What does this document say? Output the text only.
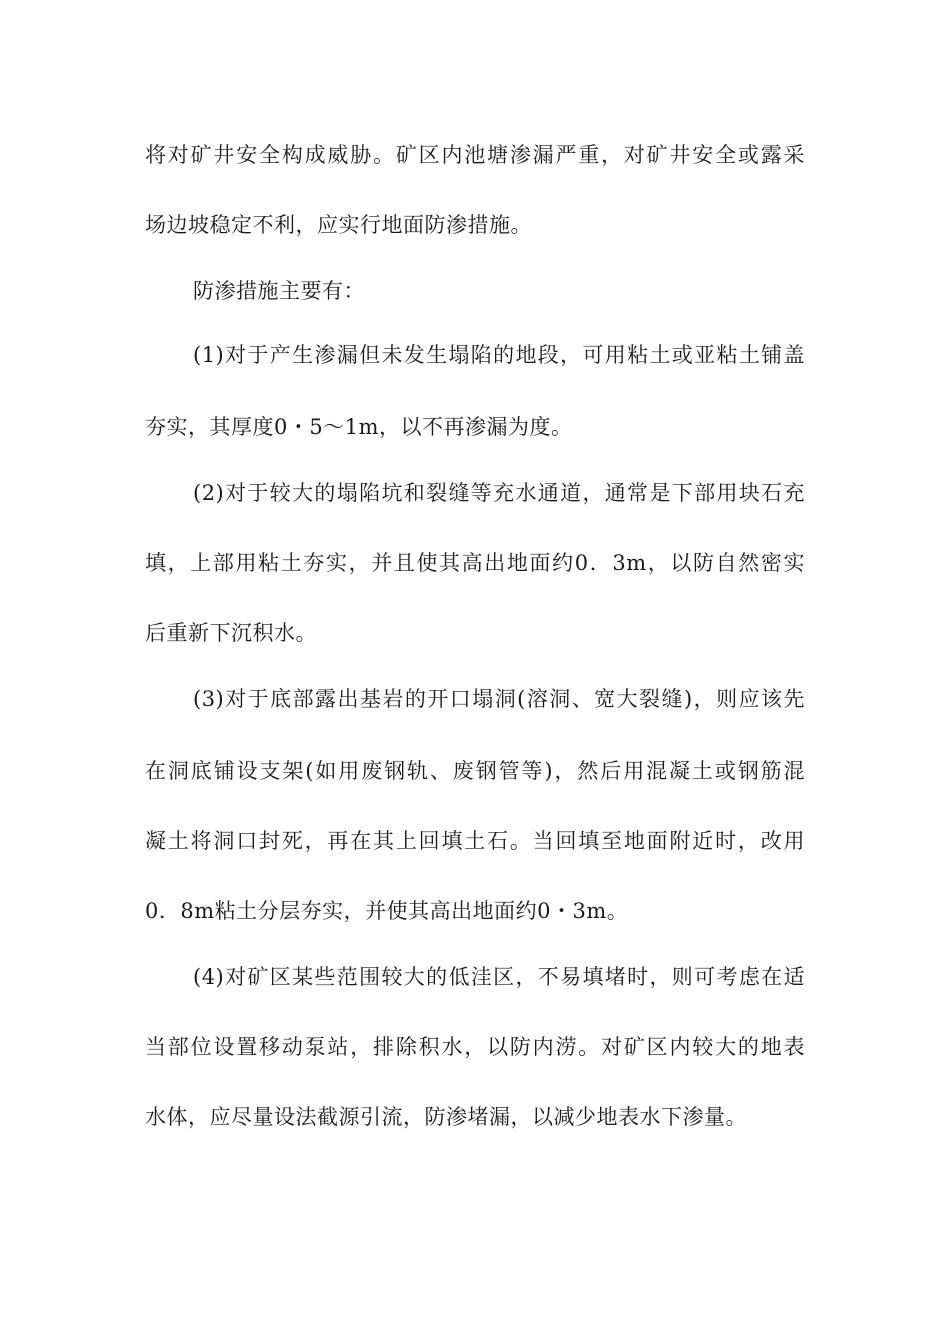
将对矿井安全构成威胁。矿区内池塘渗漏严重，对矿井安全或露采
场边坡稳定不利，应实行地面防渗措施。
防渗措施主要有：
(1)对于产生渗漏但未发生塌陷的地段，可用粘土或亚粘土铺盖
夯实，其厚度0・5～1m，以不再渗漏为度。
(2)对于较大的塌陷坑和裂缝等充水通道，通常是下部用块石充
填，上部用粘土夯实，并且使其高出地面约0．3m，以防自然密实
后重新下沉积水。
(3)对于底部露出基岩的开口塌洞(溶洞、宽大裂缝)，则应该先
在洞底铺设支架(如用废钢轨、废钢管等)，然后用混凝土或钢筋混
凝土将洞口封死，再在其上回填土石。当回填至地面附近时，改用
0．8m粘土分层夯实，并使其高出地面约0・3m。
(4)对矿区某些范围较大的低洼区，不易填堵时，则可考虑在适
当部位设置移动泵站，排除积水，以防内涝。对矿区内较大的地表
水体，应尽量设法截源引流，防渗堵漏，以减少地表水下渗量。
